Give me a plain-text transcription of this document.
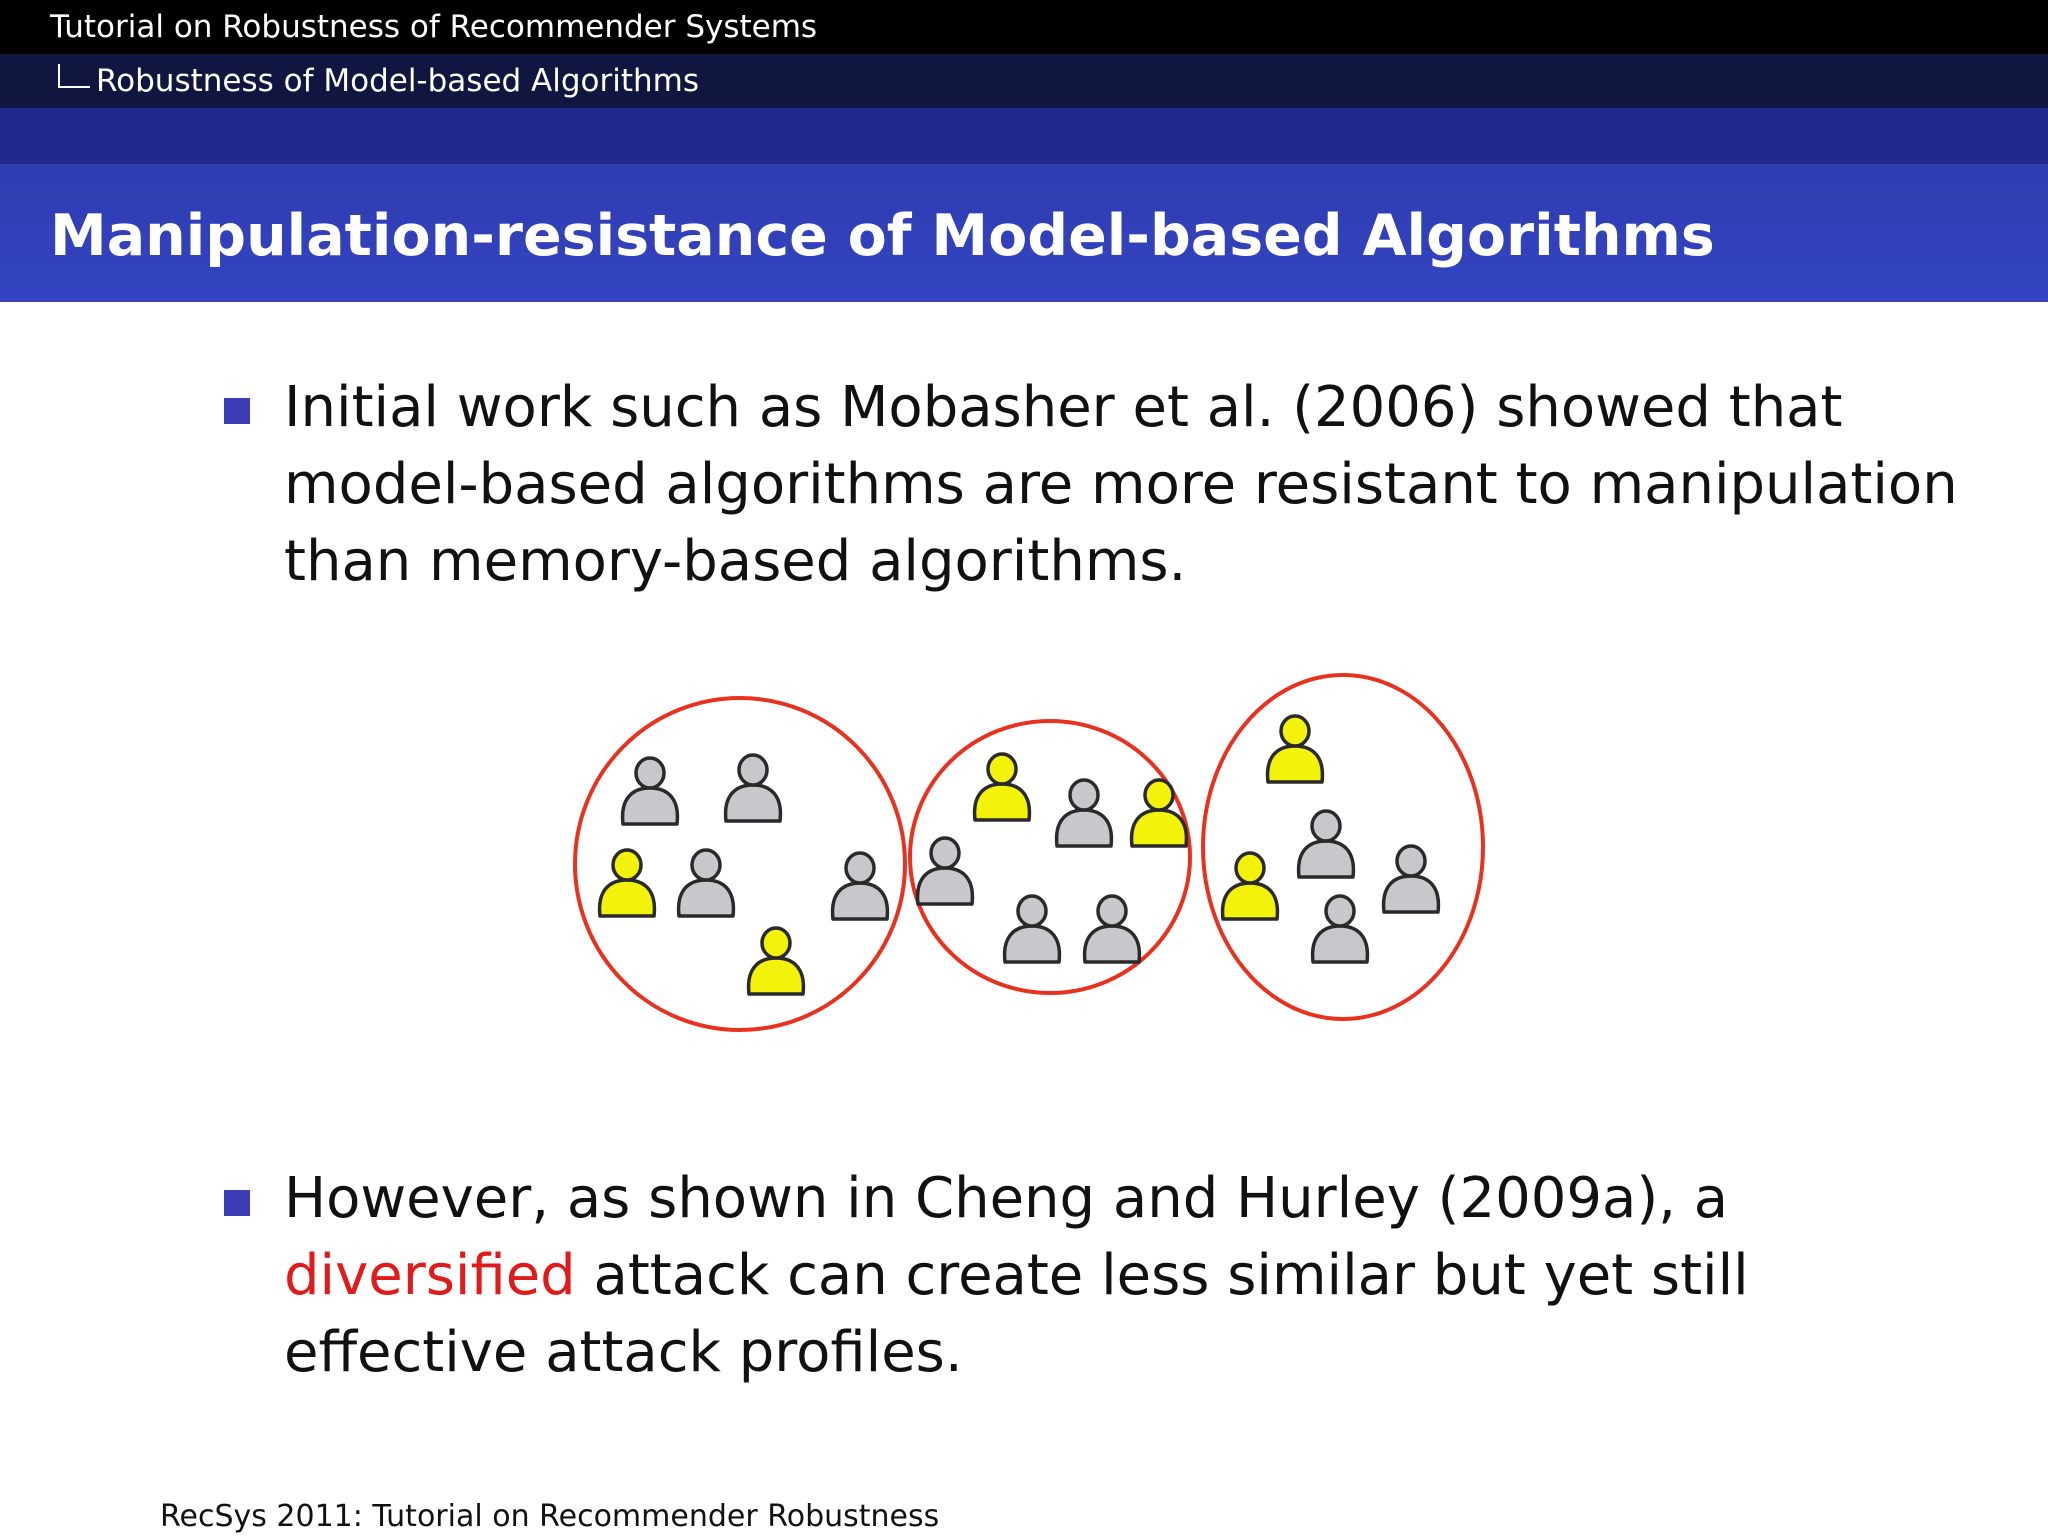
Tutorial on Robustness of Recommender Systems
Robustness of Model-based Algorithms
Manipulation-resistance of Model-based Algorithms

Initial work such as Mobasher et al. (2006) showed that model-based algorithms are more resistant to manipulation than memory-based algorithms.

However, as shown in Cheng and Hurley (2009a), a diversified attack can create less similar but yet still effective attack profiles.

RecSys 2011: Tutorial on Recommender Robustness
